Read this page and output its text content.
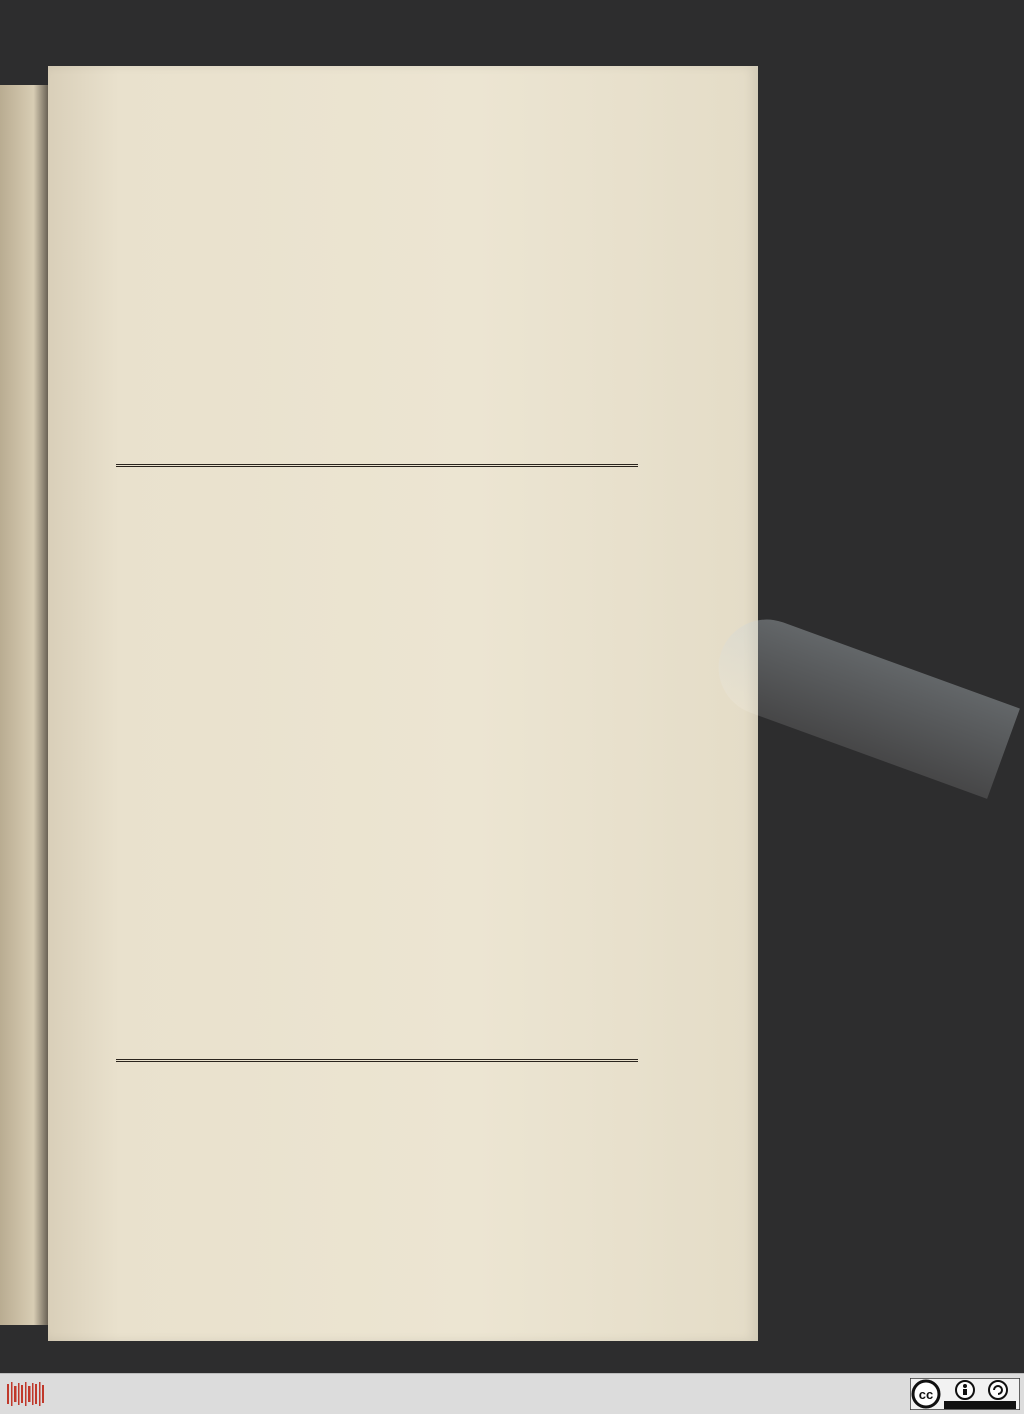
cc
